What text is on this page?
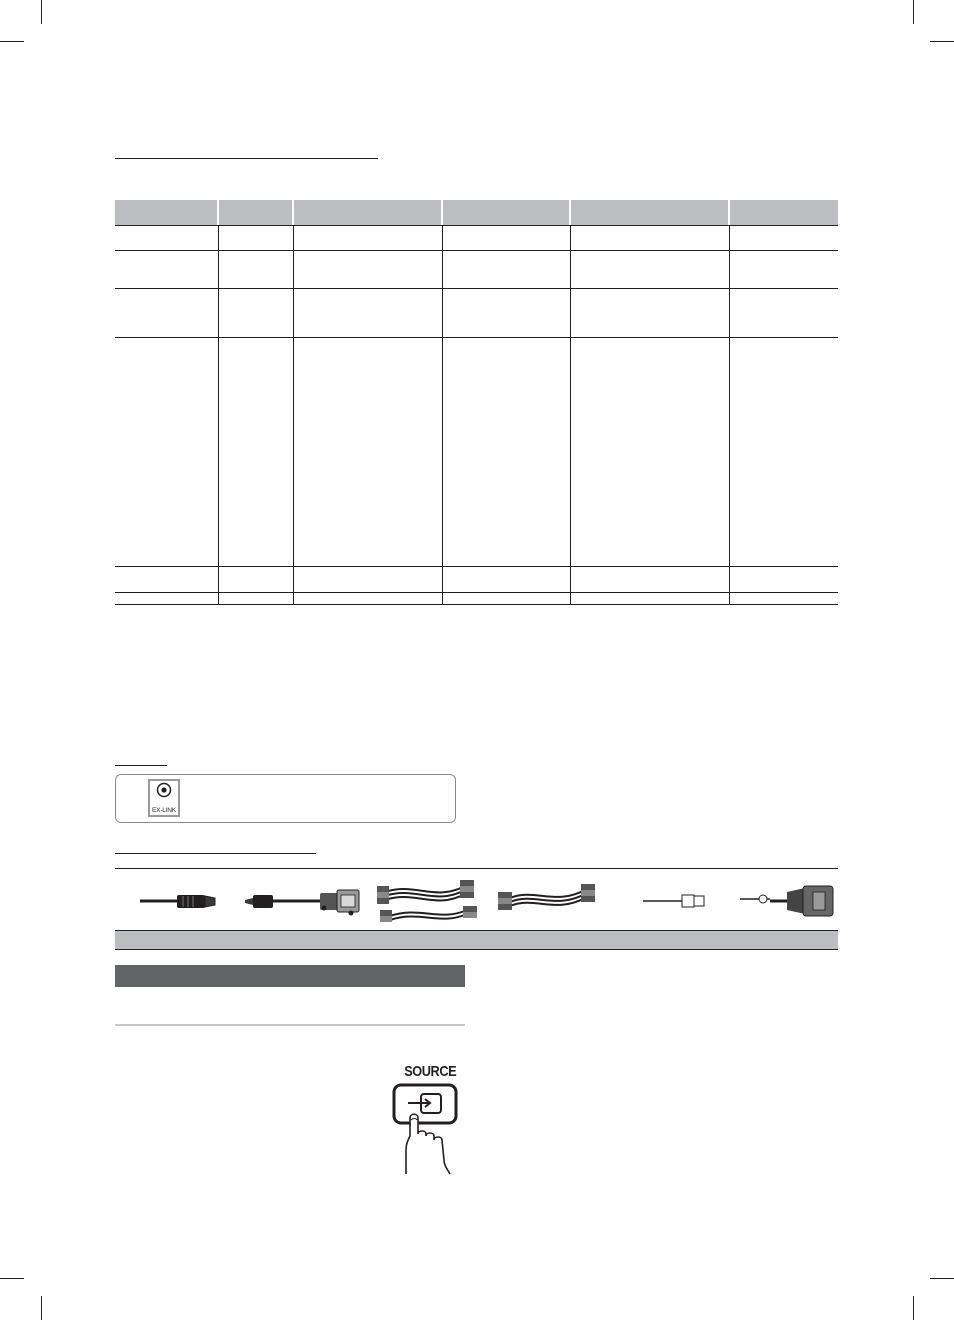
EX-LINK
SOURCE
